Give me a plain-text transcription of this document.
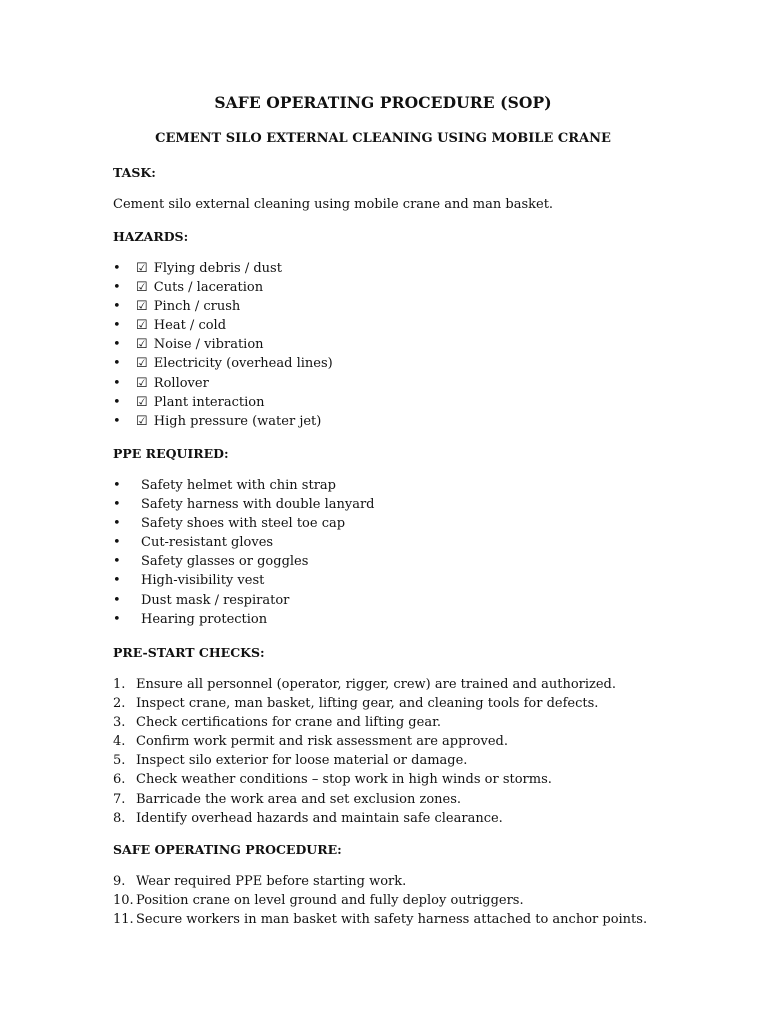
SAFE OPERATING PROCEDURE (SOP)
CEMENT SILO EXTERNAL CLEANING USING MOBILE CRANE
TASK:
Cement silo external cleaning using mobile crane and man basket.
HAZARDS:
• ☑ Flying debris / dust
• ☑ Cuts / laceration
• ☑ Pinch / crush
• ☑ Heat / cold
• ☑ Noise / vibration
• ☑ Electricity (overhead lines)
• ☑ Rollover
• ☑ Plant interaction
• ☑ High pressure (water jet)
PPE REQUIRED:
• Safety helmet with chin strap
• Safety harness with double lanyard
• Safety shoes with steel toe cap
• Cut-resistant gloves
• Safety glasses or goggles
• High-visibility vest
• Dust mask / respirator
• Hearing protection
PRE-START CHECKS:
1. Ensure all personnel (operator, rigger, crew) are trained and authorized.
2. Inspect crane, man basket, lifting gear, and cleaning tools for defects.
3. Check certifications for crane and lifting gear.
4. Confirm work permit and risk assessment are approved.
5. Inspect silo exterior for loose material or damage.
6. Check weather conditions – stop work in high winds or storms.
7. Barricade the work area and set exclusion zones.
8. Identify overhead hazards and maintain safe clearance.
SAFE OPERATING PROCEDURE:
9. Wear required PPE before starting work.
10. Position crane on level ground and fully deploy outriggers.
11. Secure workers in man basket with safety harness attached to anchor points.
